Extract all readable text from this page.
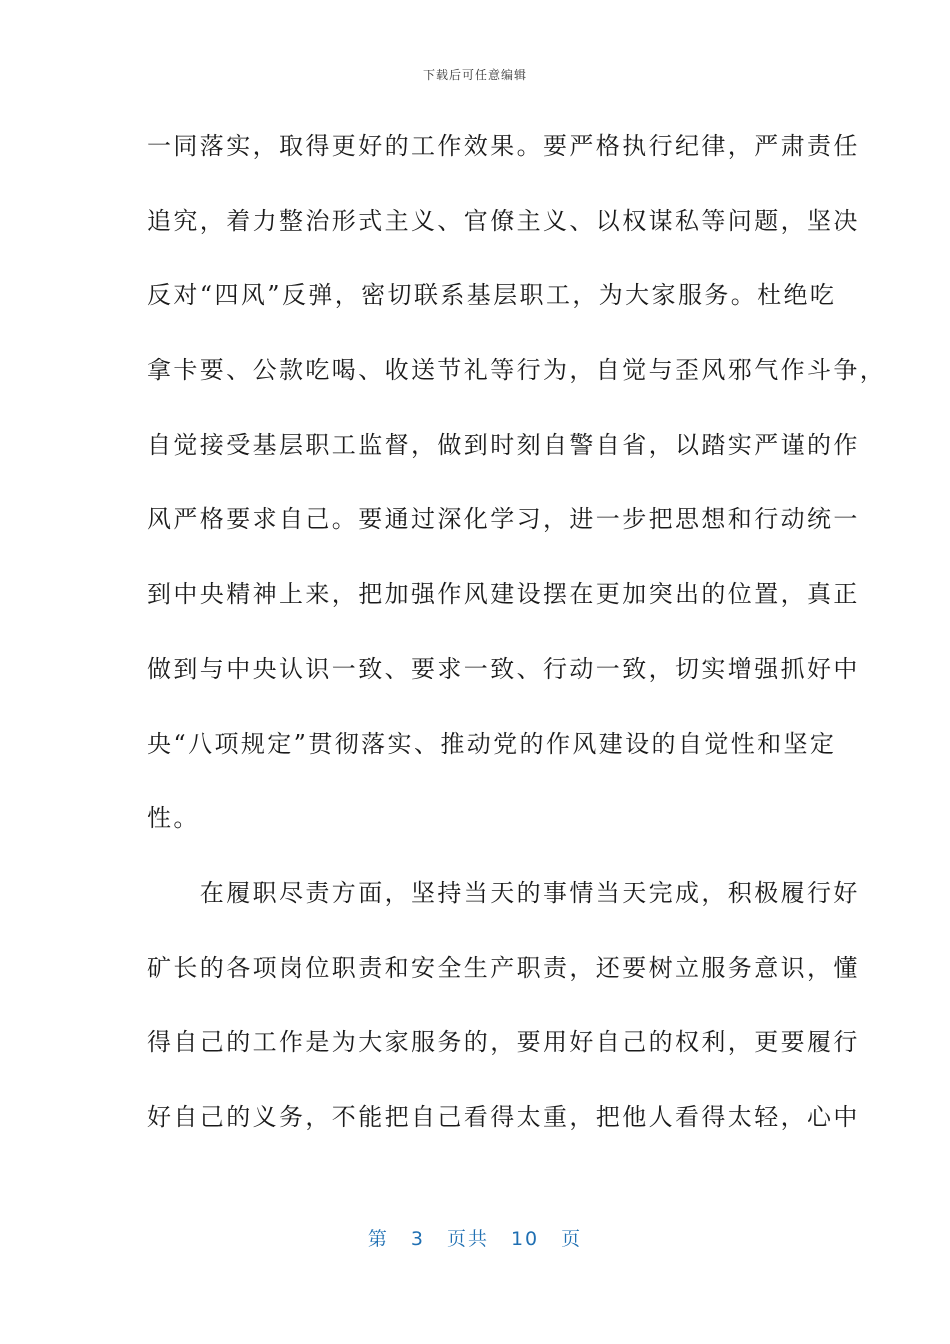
下载后可任意编辑
一同落实，取得更好的工作效果。要严格执行纪律，严肃责任
追究，着力整治形式主义、官僚主义、以权谋私等问题，坚决
反对“四风”反弹，密切联系基层职工，为大家服务。杜绝吃
拿卡要、公款吃喝、收送节礼等行为，自觉与歪风邪气作斗争，
自觉接受基层职工监督，做到时刻自警自省，以踏实严谨的作
风严格要求自己。要通过深化学习，进一步把思想和行动统一
到中央精神上来，把加强作风建设摆在更加突出的位置，真正
做到与中央认识一致、要求一致、行动一致，切实增强抓好中
央“八项规定”贯彻落实、推动党的作风建设的自觉性和坚定
性。
　　在履职尽责方面，坚持当天的事情当天完成，积极履行好
矿长的各项岗位职责和安全生产职责，还要树立服务意识，懂
得自己的工作是为大家服务的，要用好自己的权利，更要履行
好自己的义务，不能把自己看得太重，把他人看得太轻，心中
第 3 页共 10 页
